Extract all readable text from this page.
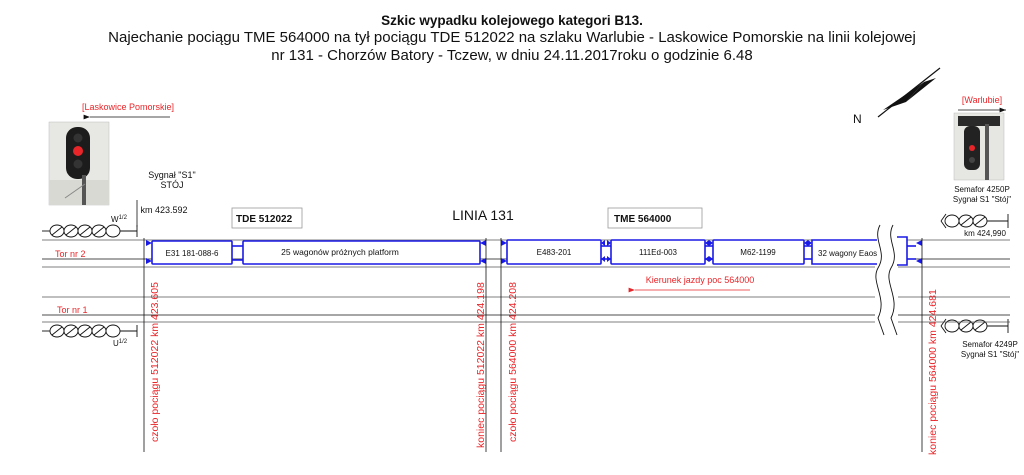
Szkic wypadku kolejowego kategori B13.
Najechanie pociągu TME 564000 na tył pociągu TDE 512022 na szlaku Warlubie - Laskowice Pomorskie na linii kolejowej
nr 131 - Chorzów Batory - Tczew, w dniu 24.11.2017roku o godzinie 6.48
[Laskowice Pomorskie]
[Warlubie]
N
Sygnał "S1"
STÓJ
km 423.592
Semafor 4250P
Sygnał S1 "Stój"
km 424,990
Semafor 4249P
Sygnał S1 "Stój"
$W^{1/2}$
$U^{1/2}$
Tor nr 2
Tor nr 1
TDE 512022
E31 181-088-6	25 wagonów próżnych platform
TME 564000
E483-201	111Ed-003	M62-1199	32 wagony Eaos
LINIA 131
Kierunek jazdy poc 564000
czoło pociągu 512022 km 423.605	koniec pociągu 512022 km 424.198 czoło pociągu 564000 km 424.208	koniec pociągu 564000 km 424.681
